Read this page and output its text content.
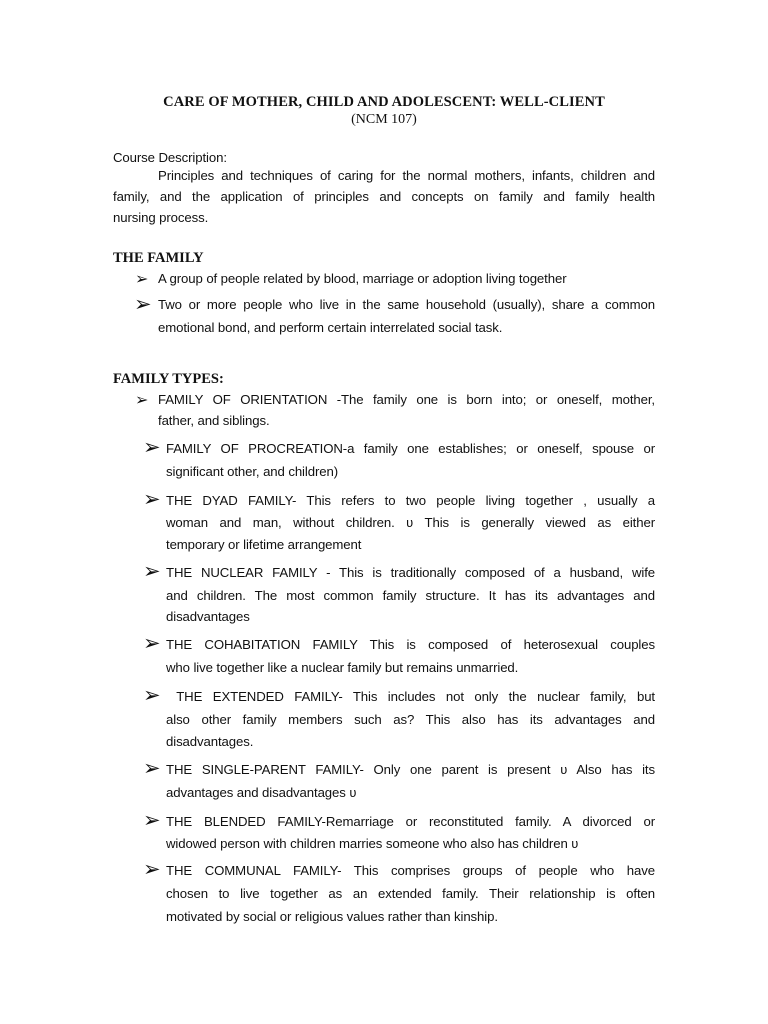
CARE OF MOTHER, CHILD AND ADOLESCENT: WELL-CLIENT
(NCM 107)
Course Description:
Principles and techniques of caring for the normal mothers, infants, children and
family, and the application of principles and concepts on family and family health
nursing process.
THE FAMILY
➢ A group of people related by blood, marriage or adoption living together
➢ Two or more people who live in the same household (usually), share a common
emotional bond, and perform certain interrelated social task.
FAMILY TYPES:
➢ FAMILY OF ORIENTATION -The family one is born into; or oneself, mother,
father, and siblings.
➢ FAMILY OF PROCREATION-a family one establishes; or oneself, spouse or
significant other, and children)
➢ THE DYAD FAMILY- This refers to two people living together , usually a
woman and man, without children. ʋ This is generally viewed as either
temporary or lifetime arrangement
➢ THE NUCLEAR FAMILY - This is traditionally composed of a husband, wife
and children. The most common family structure. It has its advantages and
disadvantages
➢ THE COHABITATION FAMILY This is composed of heterosexual couples
who live together like a nuclear family but remains unmarried.
➢ THE EXTENDED FAMILY- This includes not only the nuclear family, but
also other family members such as? This also has its advantages and
disadvantages.
➢ THE SINGLE-PARENT FAMILY- Only one parent is present ʋ Also has its
advantages and disadvantages ʋ
➢ THE BLENDED FAMILY-Remarriage or reconstituted family. A divorced or
widowed person with children marries someone who also has children ʋ
➢ THE COMMUNAL FAMILY- This comprises groups of people who have
chosen to live together as an extended family. Their relationship is often
motivated by social or religious values rather than kinship.
